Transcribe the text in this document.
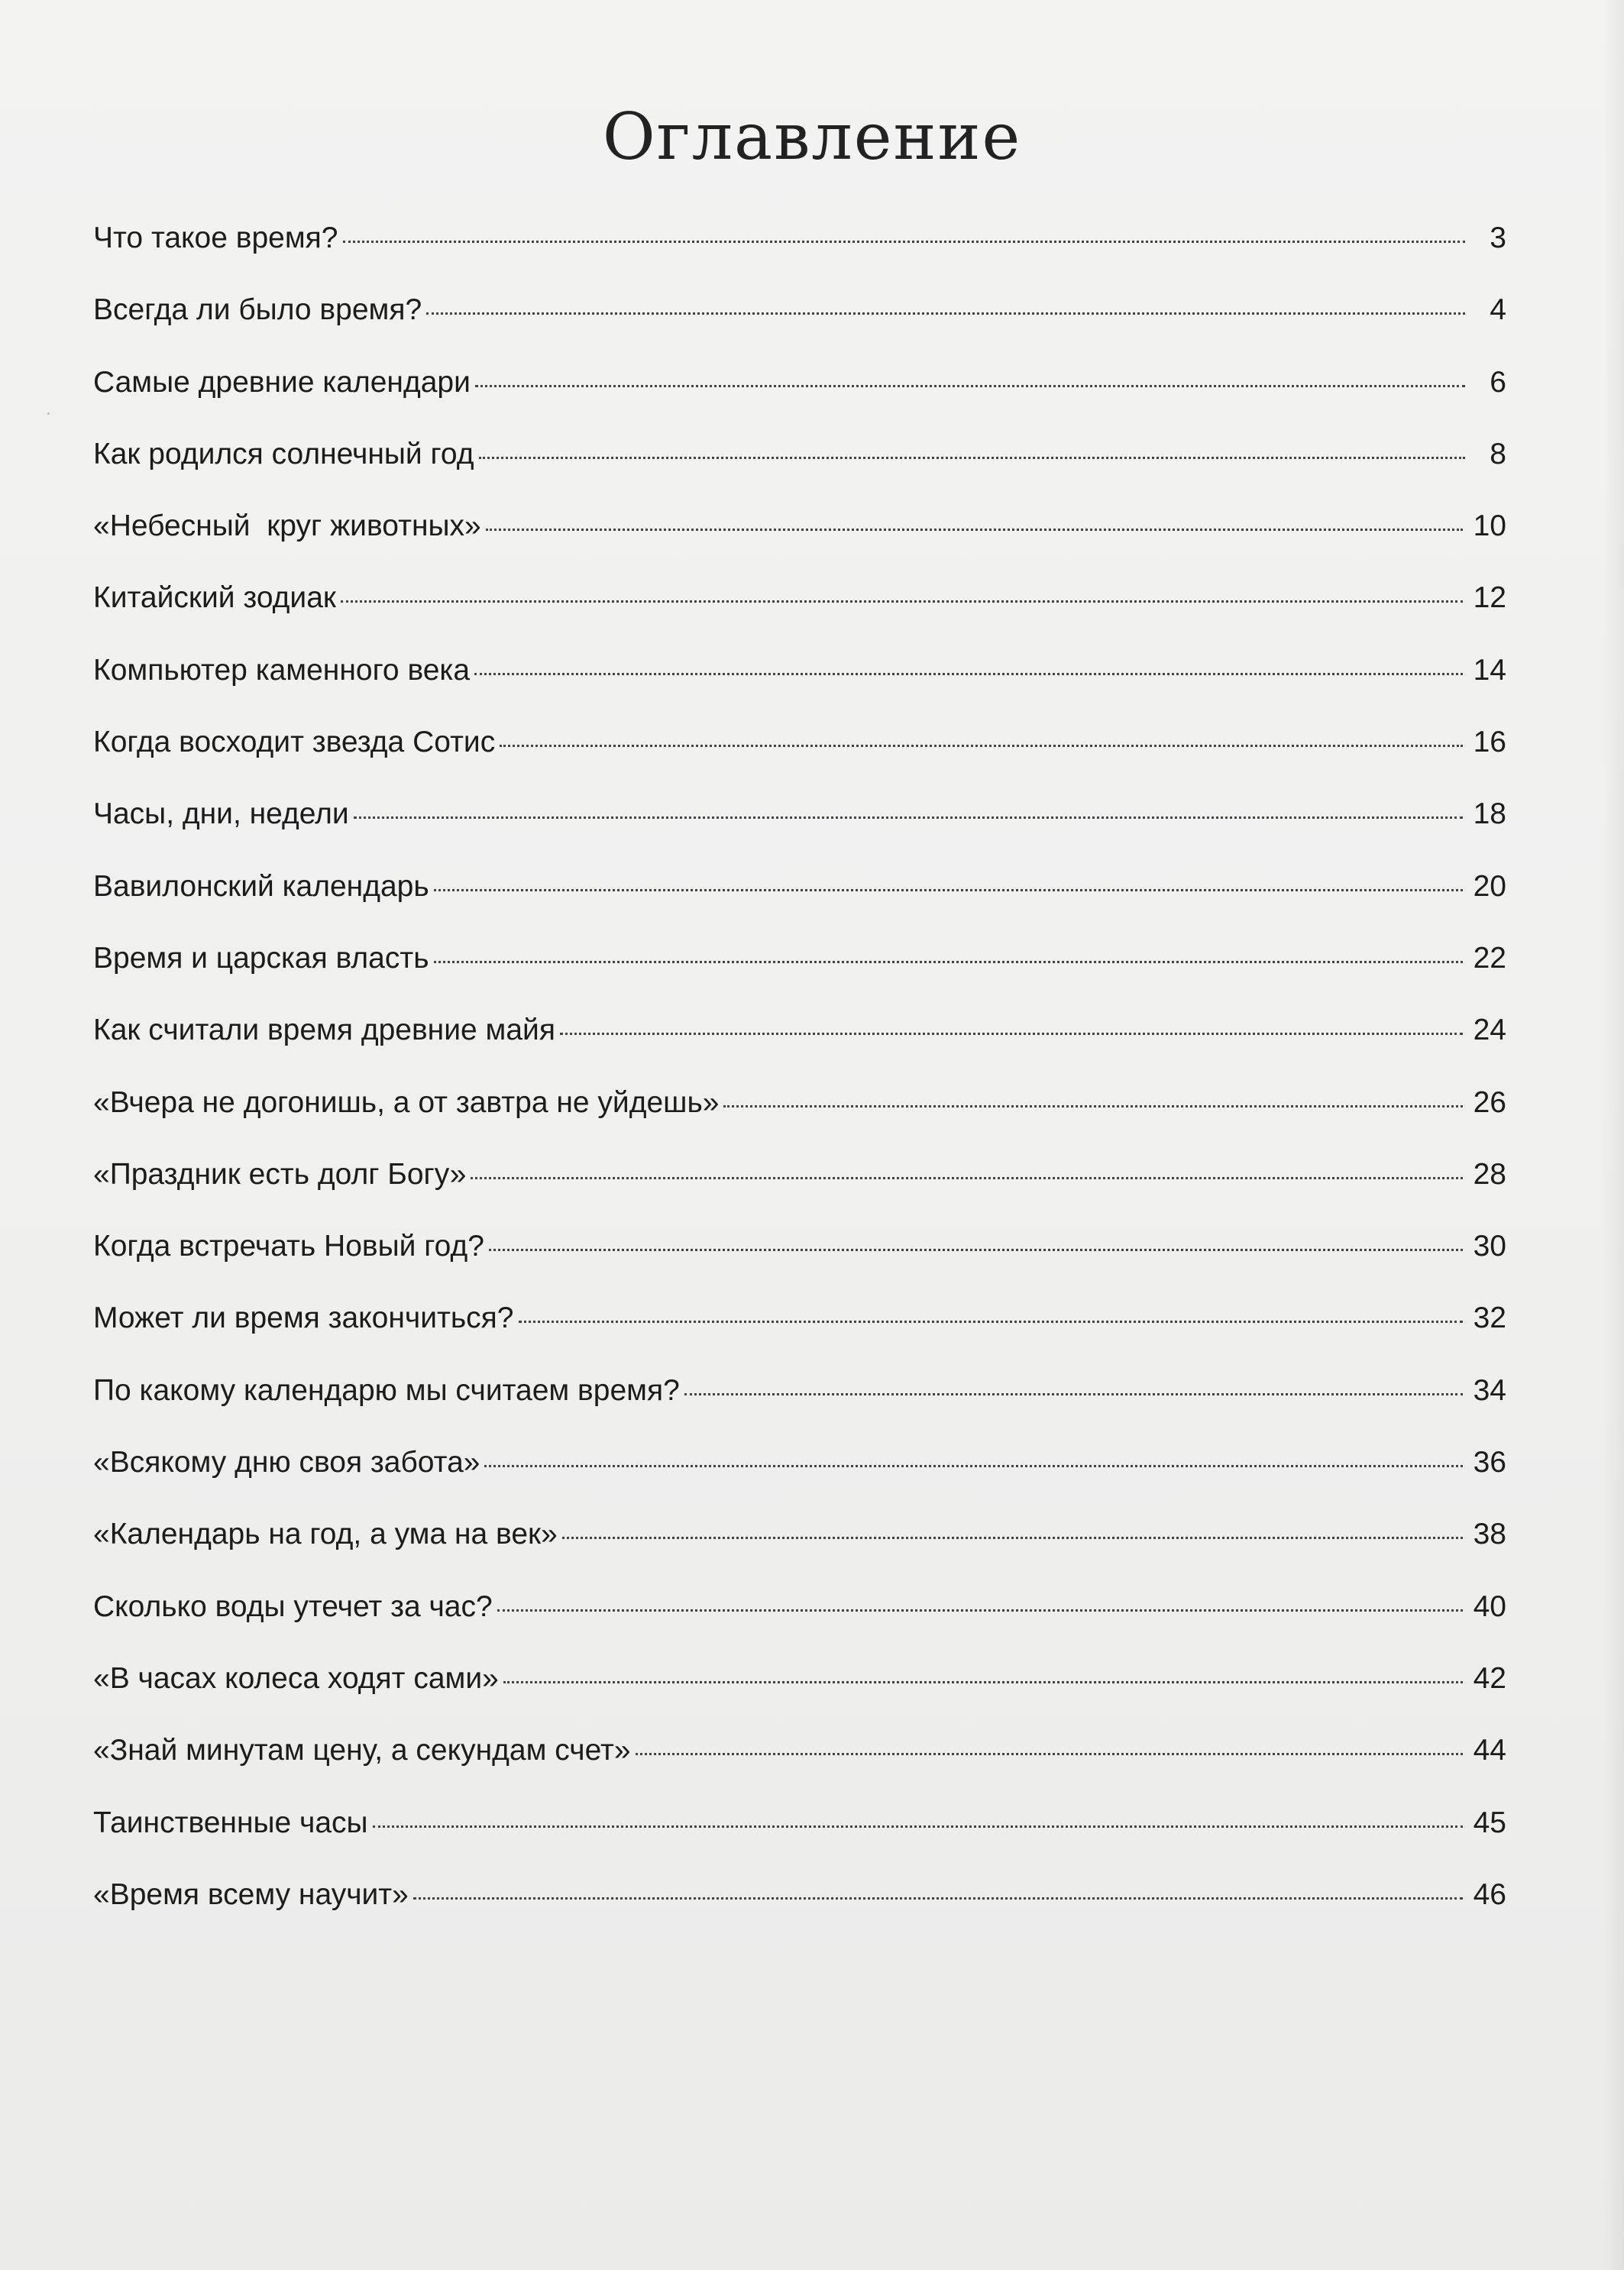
Оглавление
Что такое время?	3
Всегда ли было время?	4
Самые древние календари	6
Как родился солнечный год	8
«Небесный  круг животных»	10
Китайский зодиак	12
Компьютер каменного века	14
Когда восходит звезда Сотис	16
Часы, дни, недели	18
Вавилонский календарь	20
Время и царская власть	22
Как считали время древние майя	24
«Вчера не догонишь, а от завтра не уйдешь»	26
«Праздник есть долг Богу»	28
Когда встречать Новый год?	30
Может ли время закончиться?	32
По какому календарю мы считаем время?	34
«Всякому дню своя забота»	36
«Календарь на год, а ума на век»	38
Сколько воды утечет за час?	40
«В часах колеса ходят сами»	42
«Знай минутам цену, а секундам счет»	44
Таинственные часы	45
«Время всему научит»	46
